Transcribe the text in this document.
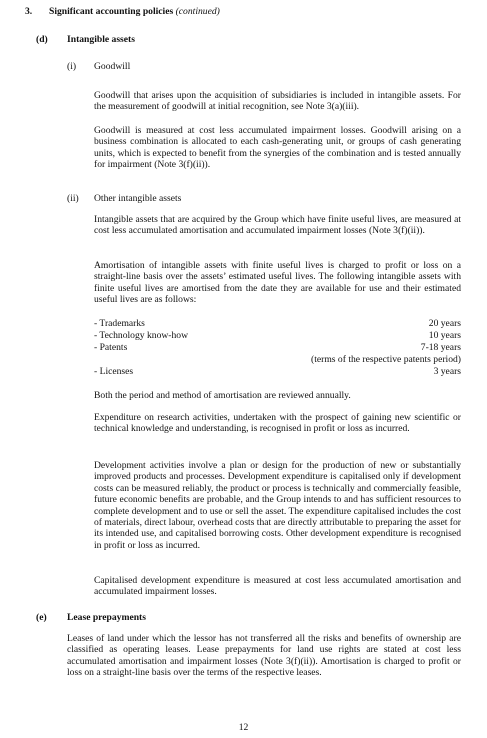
3. Significant accounting policies (continued)
(d) Intangible assets
(i) Goodwill
Goodwill that arises upon the acquisition of subsidiaries is included in intangible assets. For the measurement of goodwill at initial recognition, see Note 3(a)(iii).
Goodwill is measured at cost less accumulated impairment losses. Goodwill arising on a business combination is allocated to each cash-generating unit, or groups of cash generating units, which is expected to benefit from the synergies of the combination and is tested annually for impairment (Note 3(f)(ii)).
(ii) Other intangible assets
Intangible assets that are acquired by the Group which have finite useful lives, are measured at cost less accumulated amortisation and accumulated impairment losses (Note 3(f)(ii)).
Amortisation of intangible assets with finite useful lives is charged to profit or loss on a straight-line basis over the assets’ estimated useful lives. The following intangible assets with finite useful lives are amortised from the date they are available for use and their estimated useful lives are as follows:
- Trademarks	20 years
- Technology know-how	10 years
- Patents	7-18 years
(terms of the respective patents period)
- Licenses	3 years
Both the period and method of amortisation are reviewed annually.
Expenditure on research activities, undertaken with the prospect of gaining new scientific or technical knowledge and understanding, is recognised in profit or loss as incurred.
Development activities involve a plan or design for the production of new or substantially improved products and processes. Development expenditure is capitalised only if development costs can be measured reliably, the product or process is technically and commercially feasible, future economic benefits are probable, and the Group intends to and has sufficient resources to complete development and to use or sell the asset. The expenditure capitalised includes the cost of materials, direct labour, overhead costs that are directly attributable to preparing the asset for its intended use, and capitalised borrowing costs. Other development expenditure is recognised in profit or loss as incurred.
Capitalised development expenditure is measured at cost less accumulated amortisation and accumulated impairment losses.
(e) Lease prepayments
Leases of land under which the lessor has not transferred all the risks and benefits of ownership are classified as operating leases. Lease prepayments for land use rights are stated at cost less accumulated amortisation and impairment losses (Note 3(f)(ii)). Amortisation is charged to profit or loss on a straight-line basis over the terms of the respective leases.
12
